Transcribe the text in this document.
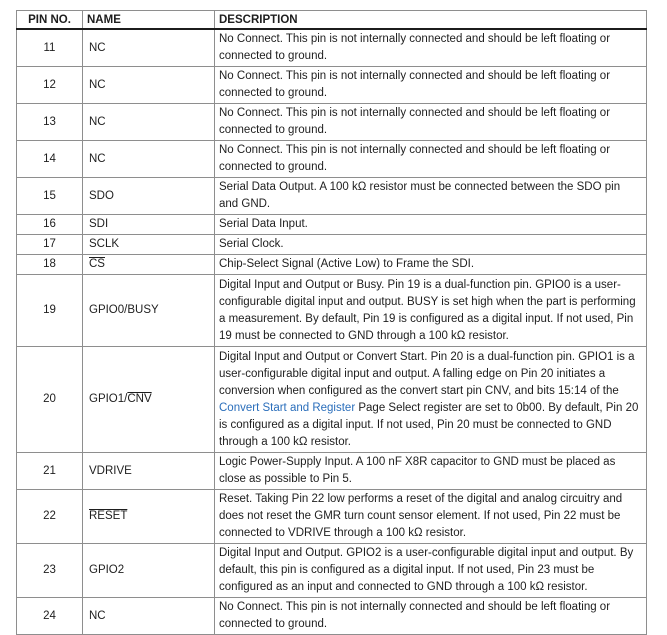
PIN NO.	NAME	DESCRIPTION
11	NC	No Connect. This pin is not internally connected and should be left floating or connected to ground.
12	NC	No Connect. This pin is not internally connected and should be left floating or connected to ground.
13	NC	No Connect. This pin is not internally connected and should be left floating or connected to ground.
14	NC	No Connect. This pin is not internally connected and should be left floating or connected to ground.
15	SDO	Serial Data Output. A 100 kΩ resistor must be connected between the SDO pin and GND.
16	SDI	Serial Data Input.
17	SCLK	Serial Clock.
18	$\overline{CS}$	Chip-Select Signal (Active Low) to Frame the SDI.
19	GPIO0/BUSY	Digital Input and Output or Busy. Pin 19 is a dual-function pin. GPIO0 is a user-configurable digital input and output. BUSY is set high when the part is performing a measurement. By default, Pin 19 is configured as a digital input. If not used, Pin 19 must be connected to GND through a 100 kΩ resistor.
20	$GPIO1/\overline{CNV}$	Digital Input and Output or Convert Start. Pin 20 is a dual-function pin. GPIO1 is a user-configurable digital input and output. A falling edge on Pin 20 initiates a conversion when configured as the convert start pin CNV, and bits 15:14 of the Convert Start and Register Page Select register are set to 0b00. By default, Pin 20 is configured as a digital input. If not used, Pin 20 must be connected to GND through a 100 kΩ resistor.
21	VDRIVE	Logic Power-Supply Input. A 100 nF X8R capacitor to GND must be placed as close as possible to Pin 5.
22	RESET	Reset. Taking Pin 22 low performs a reset of the digital and analog circuitry and does not reset the GMR turn count sensor element. If not used, Pin 22 must be connected to VDRIVE through a 100 kΩ resistor.
23	GPIO2	Digital Input and Output. GPIO2 is a user-configurable digital input and output. By default, this pin is configured as a digital input. If not used, Pin 23 must be configured as an input and connected to GND through a 100 kΩ resistor.
24	NC	No Connect. This pin is not internally connected and should be left floating or connected to ground.
